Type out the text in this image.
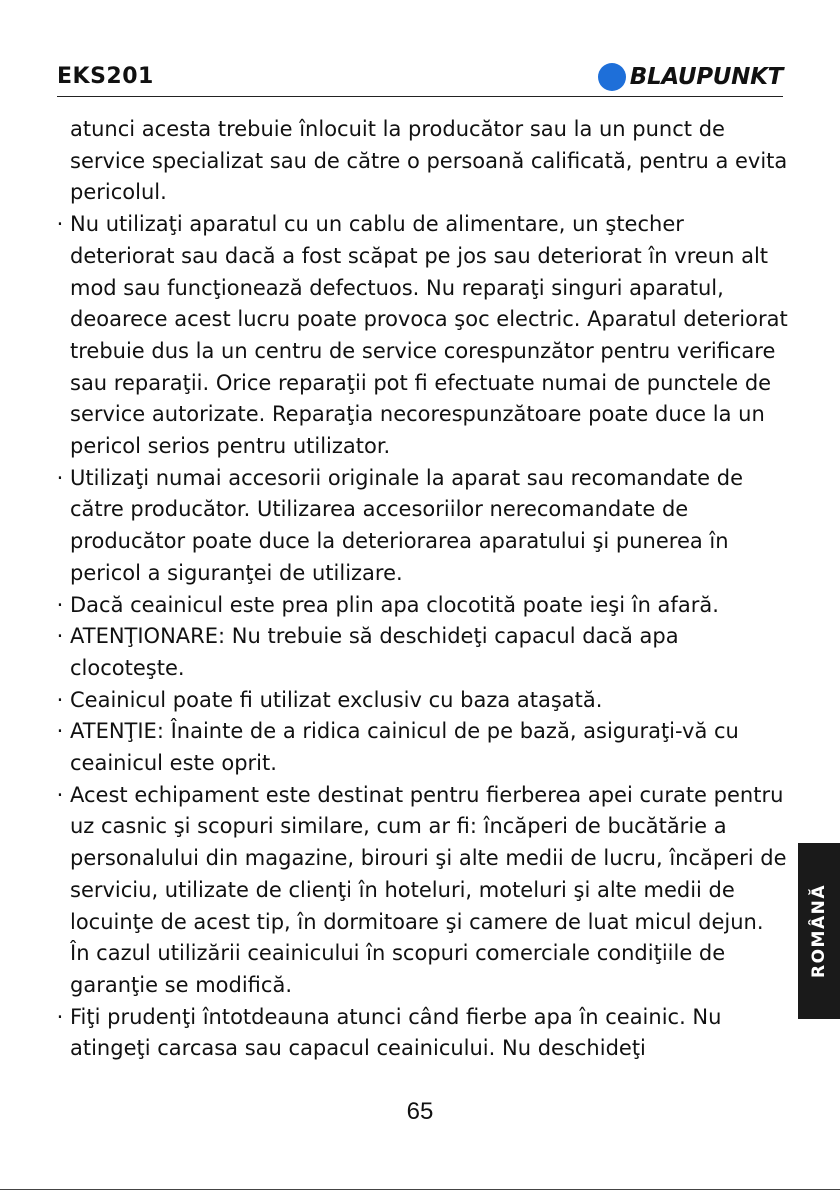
EKS201	BLAUPUNKT

atunci acesta trebuie înlocuit la producător sau la un punct de service specializat sau de către o persoană calificată, pentru a evita pericolul.

· Nu utilizaţi aparatul cu un cablu de alimentare, un ştecher deteriorat sau dacă a fost scăpat pe jos sau deteriorat în vreun alt mod sau funcţionează defectuos. Nu reparaţi singuri aparatul, deoarece acest lucru poate provoca şoc electric. Aparatul deteriorat trebuie dus la un centru de service corespunzător pentru verificare sau reparaţii. Orice reparaţii pot fi efectuate numai de punctele de service autorizate. Reparaţia necorespunzătoare poate duce la un pericol serios pentru utilizator.
· Utilizaţi numai accesorii originale la aparat sau recomandate de către producător. Utilizarea accesoriilor nerecomandate de producător poate duce la deteriorarea aparatului şi punerea în pericol a siguranţei de utilizare.
· Dacă ceainicul este prea plin apa clocotită poate ieşi în afară.
· ATENŢIONARE: Nu trebuie să deschideţi capacul dacă apa clocoteşte.
· Ceainicul poate fi utilizat exclusiv cu baza ataşată.
· ATENŢIE: Înainte de a ridica cainicul de pe bază, asiguraţi-vă cu ceainicul este oprit.
· Acest echipament este destinat pentru fierberea apei curate pentru uz casnic şi scopuri similare, cum ar fi: încăperi de bucătărie a personalului din magazine, birouri şi alte medii de lucru, încăperi de serviciu, utilizate de clienţi în hoteluri, moteluri şi alte medii de locuinţe de acest tip, în dormitoare şi camere de luat micul dejun. În cazul utilizării ceainicului în scopuri comerciale condiţiile de garanţie se modifică.
· Fiţi prudenţi întotdeauna atunci când fierbe apa în ceainic. Nu atingeţi carcasa sau capacul ceainicului. Nu deschideţi
ROMÂNĂ
65
